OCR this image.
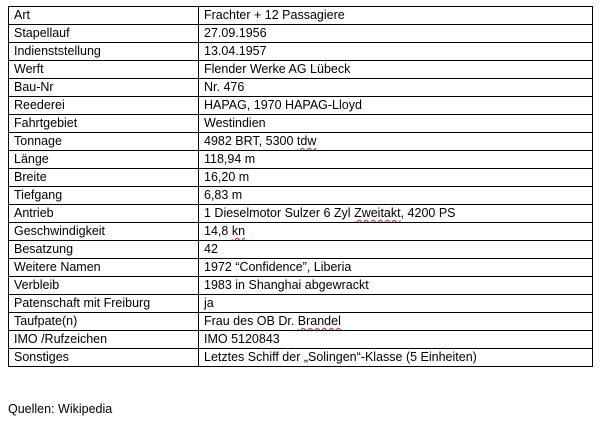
Art	Frachter + 12 Passagiere
Stapellauf	27.09.1956
Indienststellung	13.04.1957
Werft	Flender Werke AG Lübeck
Bau-Nr	Nr. 476
Reederei	HAPAG, 1970 HAPAG-Lloyd
Fahrtgebiet	Westindien
Tonnage	4982 BRT, 5300 tdw
Länge	118,94 m
Breite	16,20 m
Tiefgang	6,83 m
Antrieb	1 Dieselmotor Sulzer 6 Zyl Zweitakt, 4200 PS
Geschwindigkeit	14,8 kn
Besatzung	42
Weitere Namen	1972 “Confidence”, Liberia
Verbleib	1983 in Shanghai abgewrackt
Patenschaft mit Freiburg	ja
Taufpate(n)	Frau des OB Dr. Brandel
IMO /Rufzeichen	IMO 5120843
Sonstiges	Letztes Schiff der „Solingen“-Klasse (5 Einheiten)
Quellen: Wikipedia
